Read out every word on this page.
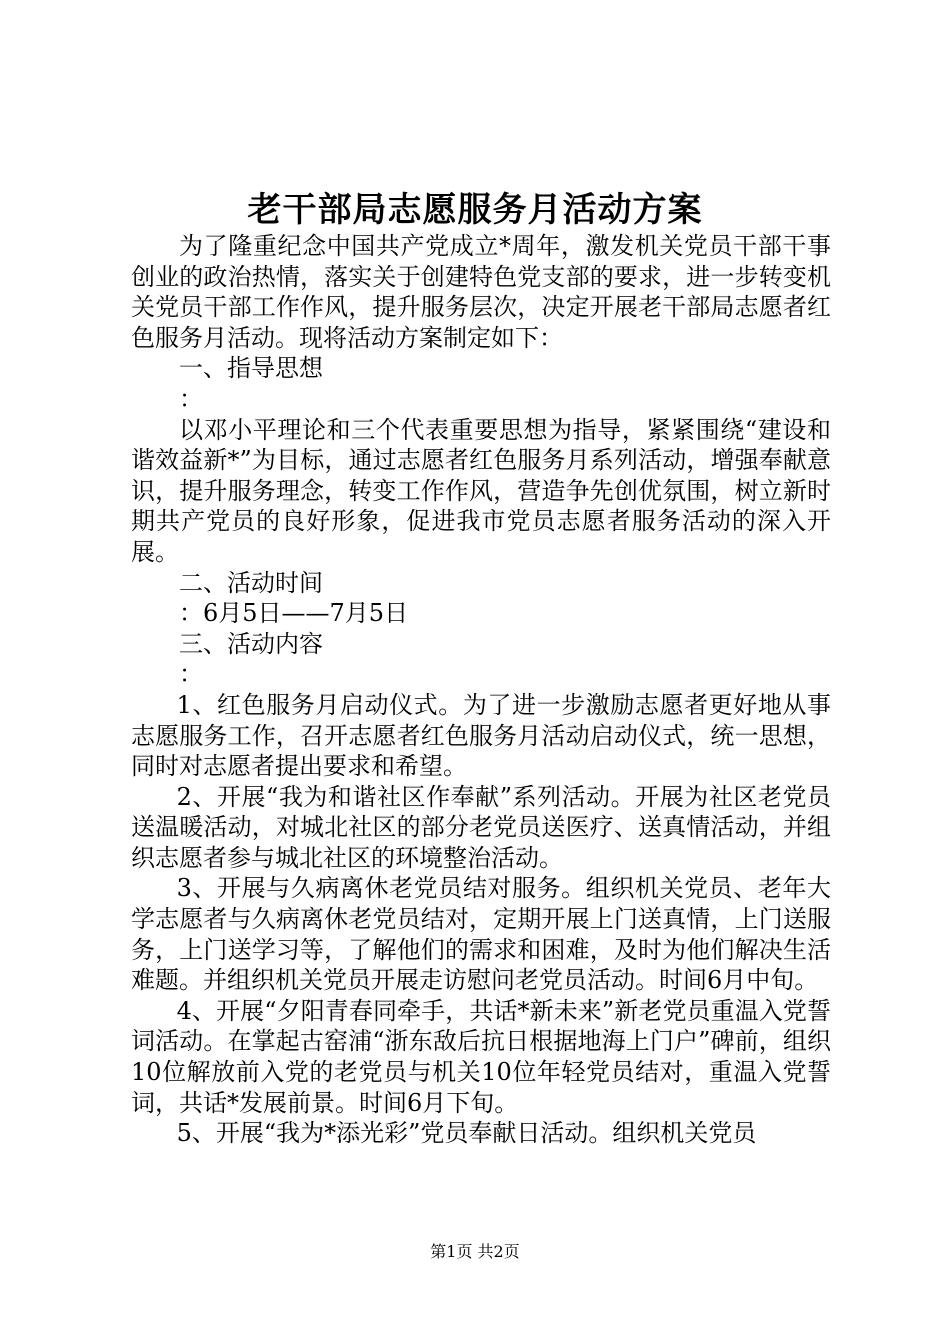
老干部局志愿服务月活动方案

为了隆重纪念中国共产党成立*周年，激发机关党员干部干事创业的政治热情，落实关于创建特色党支部的要求，进一步转变机关党员干部工作作风，提升服务层次，决定开展老干部局志愿者红色服务月活动。现将活动方案制定如下：

一、指导思想

：

以邓小平理论和三个代表重要思想为指导，紧紧围绕“建设和谐效益新*”为目标，通过志愿者红色服务月系列活动，增强奉献意识，提升服务理念，转变工作作风，营造争先创优氛围，树立新时期共产党员的良好形象，促进我市党员志愿者服务活动的深入开展。

二、活动时间

：6月5日——7月5日

三、活动内容

：

1、红色服务月启动仪式。为了进一步激励志愿者更好地从事志愿服务工作，召开志愿者红色服务月活动启动仪式，统一思想，同时对志愿者提出要求和希望。

2、开展“我为和谐社区作奉献”系列活动。开展为社区老党员送温暖活动，对城北社区的部分老党员送医疗、送真情活动，并组织志愿者参与城北社区的环境整治活动。

3、开展与久病离休老党员结对服务。组织机关党员、老年大学志愿者与久病离休老党员结对，定期开展上门送真情，上门送服务，上门送学习等，了解他们的需求和困难，及时为他们解决生活难题。并组织机关党员开展走访慰问老党员活动。时间6月中旬。

4、开展“夕阳青春同牵手，共话*新未来”新老党员重温入党誓词活动。在掌起古窑浦“浙东敌后抗日根据地海上门户”碑前，组织10位解放前入党的老党员与机关10位年轻党员结对，重温入党誓词，共话*发展前景。时间6月下旬。

5、开展“我为*添光彩”党员奉献日活动。组织机关党员

第1页 共2页
